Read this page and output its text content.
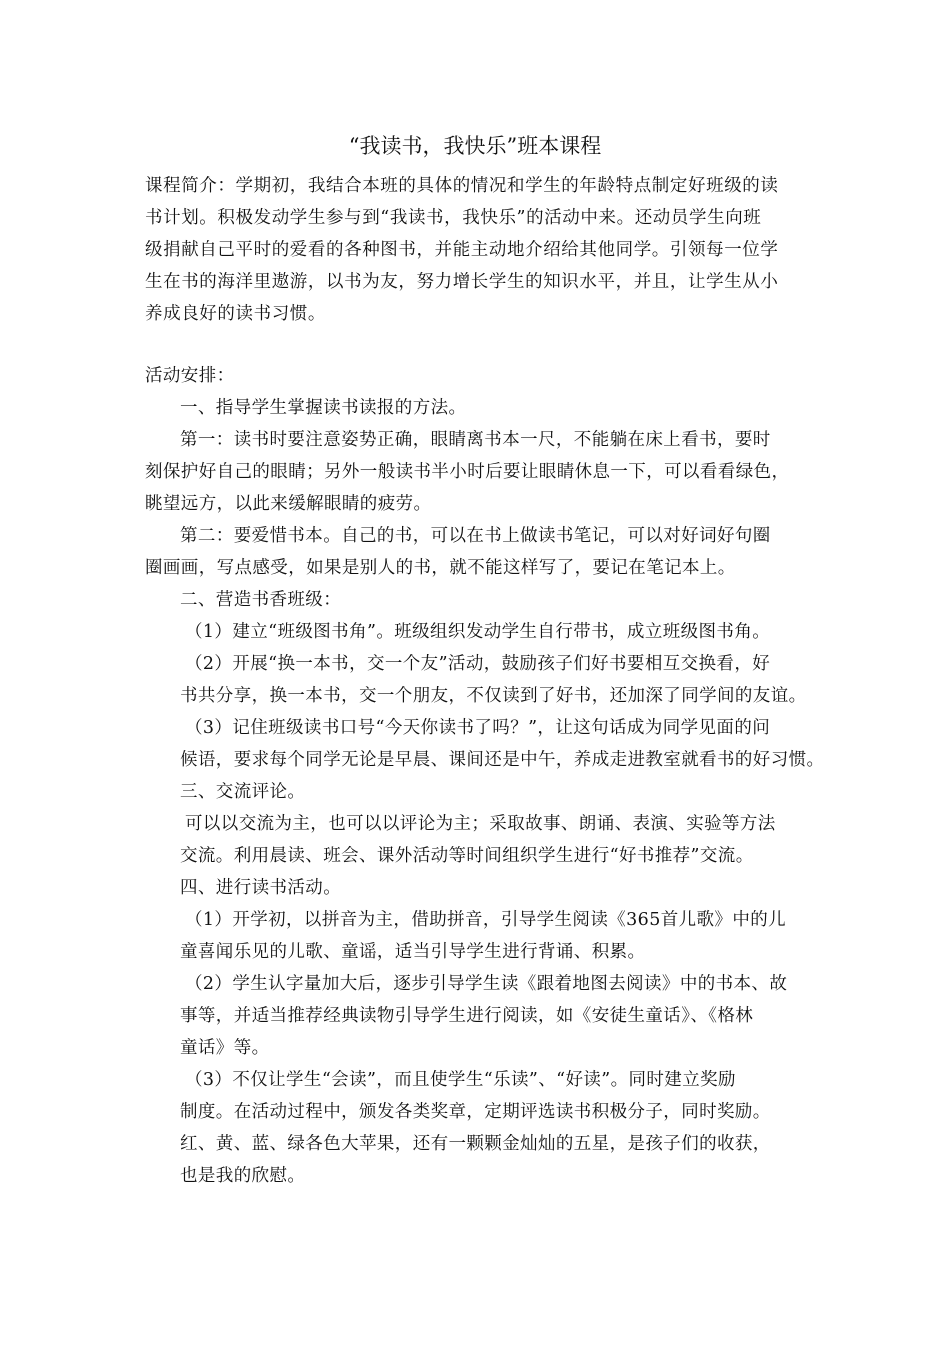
“我读书，我快乐”班本课程
课程简介：学期初，我结合本班的具体的情况和学生的年龄特点制定好班级的读
书计划。积极发动学生参与到“我读书，我快乐”的活动中来。还动员学生向班
级捐献自己平时的爱看的各种图书，并能主动地介绍给其他同学。引领每一位学
生在书的海洋里遨游，以书为友，努力增长学生的知识水平，并且，让学生从小
养成良好的读书习惯。
活动安排：
一、指导学生掌握读书读报的方法。
第一：读书时要注意姿势正确，眼睛离书本一尺，不能躺在床上看书，要时
刻保护好自己的眼睛；另外一般读书半小时后要让眼睛休息一下，可以看看绿色，
眺望远方，以此来缓解眼睛的疲劳。
第二：要爱惜书本。自己的书，可以在书上做读书笔记，可以对好词好句圈
圈画画，写点感受，如果是别人的书，就不能这样写了，要记在笔记本上。
二、营造书香班级：
（1）建立“班级图书角”。班级组织发动学生自行带书，成立班级图书角。
（2）开展“换一本书，交一个友”活动，鼓励孩子们好书要相互交换看，好
书共分享，换一本书，交一个朋友，不仅读到了好书，还加深了同学间的友谊。
（3）记住班级读书口号“今天你读书了吗？”，让这句话成为同学见面的问
候语，要求每个同学无论是早晨、课间还是中午，养成走进教室就看书的好习惯。
三、交流评论。
可以以交流为主，也可以以评论为主；采取故事、朗诵、表演、实验等方法
交流。利用晨读、班会、课外活动等时间组织学生进行“好书推荐”交流。
四、进行读书活动。
（1）开学初，以拼音为主，借助拼音，引导学生阅读《365首儿歌》中的儿
童喜闻乐见的儿歌、童谣，适当引导学生进行背诵、积累。
（2）学生认字量加大后，逐步引导学生读《跟着地图去阅读》中的书本、故
事等，并适当推荐经典读物引导学生进行阅读，如《安徒生童话》、《格林
童话》等。
（3）不仅让学生“会读”，而且使学生“乐读”、“好读”。同时建立奖励
制度。在活动过程中，颁发各类奖章，定期评选读书积极分子，同时奖励。
红、黄、蓝、绿各色大苹果，还有一颗颗金灿灿的五星，是孩子们的收获，
也是我的欣慰。
